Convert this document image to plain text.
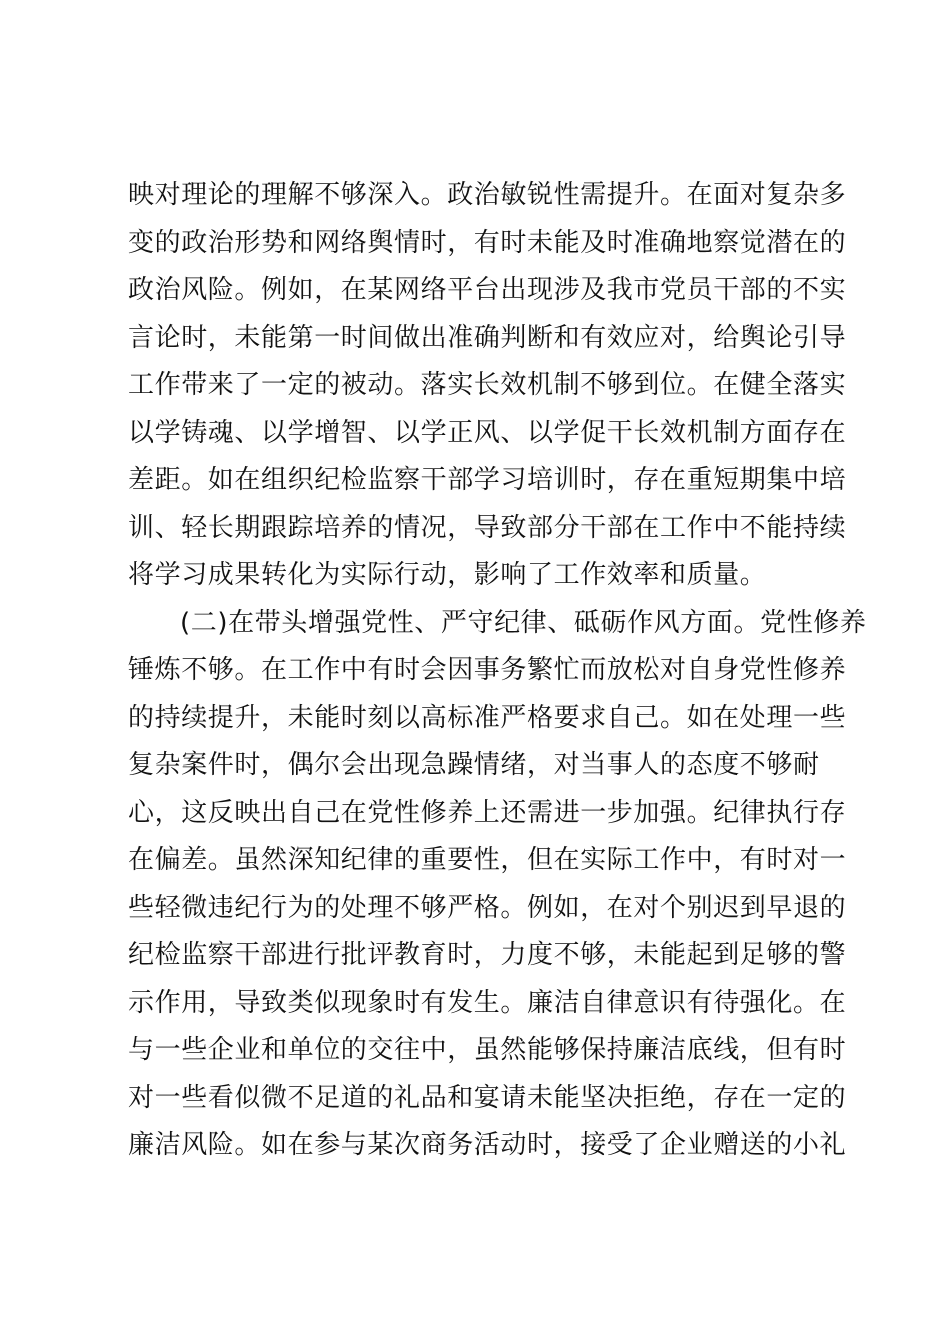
映对理论的理解不够深入。政治敏锐性需提升。在面对复杂多
变的政治形势和网络舆情时，有时未能及时准确地察觉潜在的
政治风险。例如，在某网络平台出现涉及我市党员干部的不实
言论时，未能第一时间做出准确判断和有效应对，给舆论引导
工作带来了一定的被动。落实长效机制不够到位。在健全落实
以学铸魂、以学增智、以学正风、以学促干长效机制方面存在
差距。如在组织纪检监察干部学习培训时，存在重短期集中培
训、轻长期跟踪培养的情况，导致部分干部在工作中不能持续
将学习成果转化为实际行动，影响了工作效率和质量。
(二)在带头增强党性、严守纪律、砥砺作风方面。党性修养
锤炼不够。在工作中有时会因事务繁忙而放松对自身党性修养
的持续提升，未能时刻以高标准严格要求自己。如在处理一些
复杂案件时，偶尔会出现急躁情绪，对当事人的态度不够耐
心，这反映出自己在党性修养上还需进一步加强。纪律执行存
在偏差。虽然深知纪律的重要性，但在实际工作中，有时对一
些轻微违纪行为的处理不够严格。例如，在对个别迟到早退的
纪检监察干部进行批评教育时，力度不够，未能起到足够的警
示作用，导致类似现象时有发生。廉洁自律意识有待强化。在
与一些企业和单位的交往中，虽然能够保持廉洁底线，但有时
对一些看似微不足道的礼品和宴请未能坚决拒绝，存在一定的
廉洁风险。如在参与某次商务活动时，接受了企业赠送的小礼
